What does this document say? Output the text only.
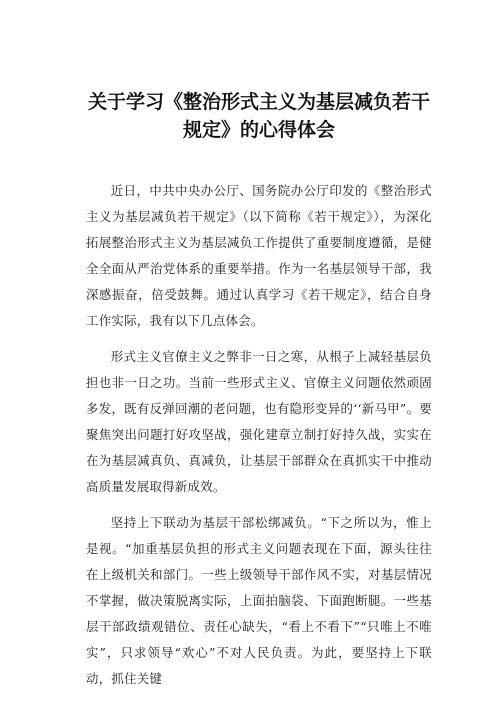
关于学习《整治形式主义为基层减负若干
规定》的心得体会

近日，中共中央办公厅、国务院办公厅印发的《整治形式主义为基层减负若干规定》（以下简称《若干规定》），为深化拓展整治形式主义为基层减负工作提供了重要制度遵循，是健全全面从严治党体系的重要举措。作为一名基层领导干部，我深感振奋，倍受鼓舞。通过认真学习《若干规定》，结合自身工作实际，我有以下几点体会。

形式主义官僚主义之弊非一日之寒，从根子上减轻基层负担也非一日之功。当前一些形式主义、官僚主义问题依然顽固多发，既有反弹回潮的老问题，也有隐形变异的‘‘新马甲”。要聚焦突出问题打好攻坚战，强化建章立制打好持久战，实实在在为基层减真负、真减负，让基层干部群众在真抓实干中推动高质量发展取得新成效。

坚持上下联动为基层干部松绑减负。“下之所以为，惟上是视。“加重基层负担的形式主义问题表现在下面，源头往往在上级机关和部门。一些上级领导干部作风不实，对基层情况不掌握，做决策脱离实际，上面拍脑袋、下面跑断腿。一些基层干部政绩观错位、责任心缺失，“看上不看下”“只唯上不唯实”，只求领导“欢心”不对人民负责。为此，要坚持上下联动，抓住关键
